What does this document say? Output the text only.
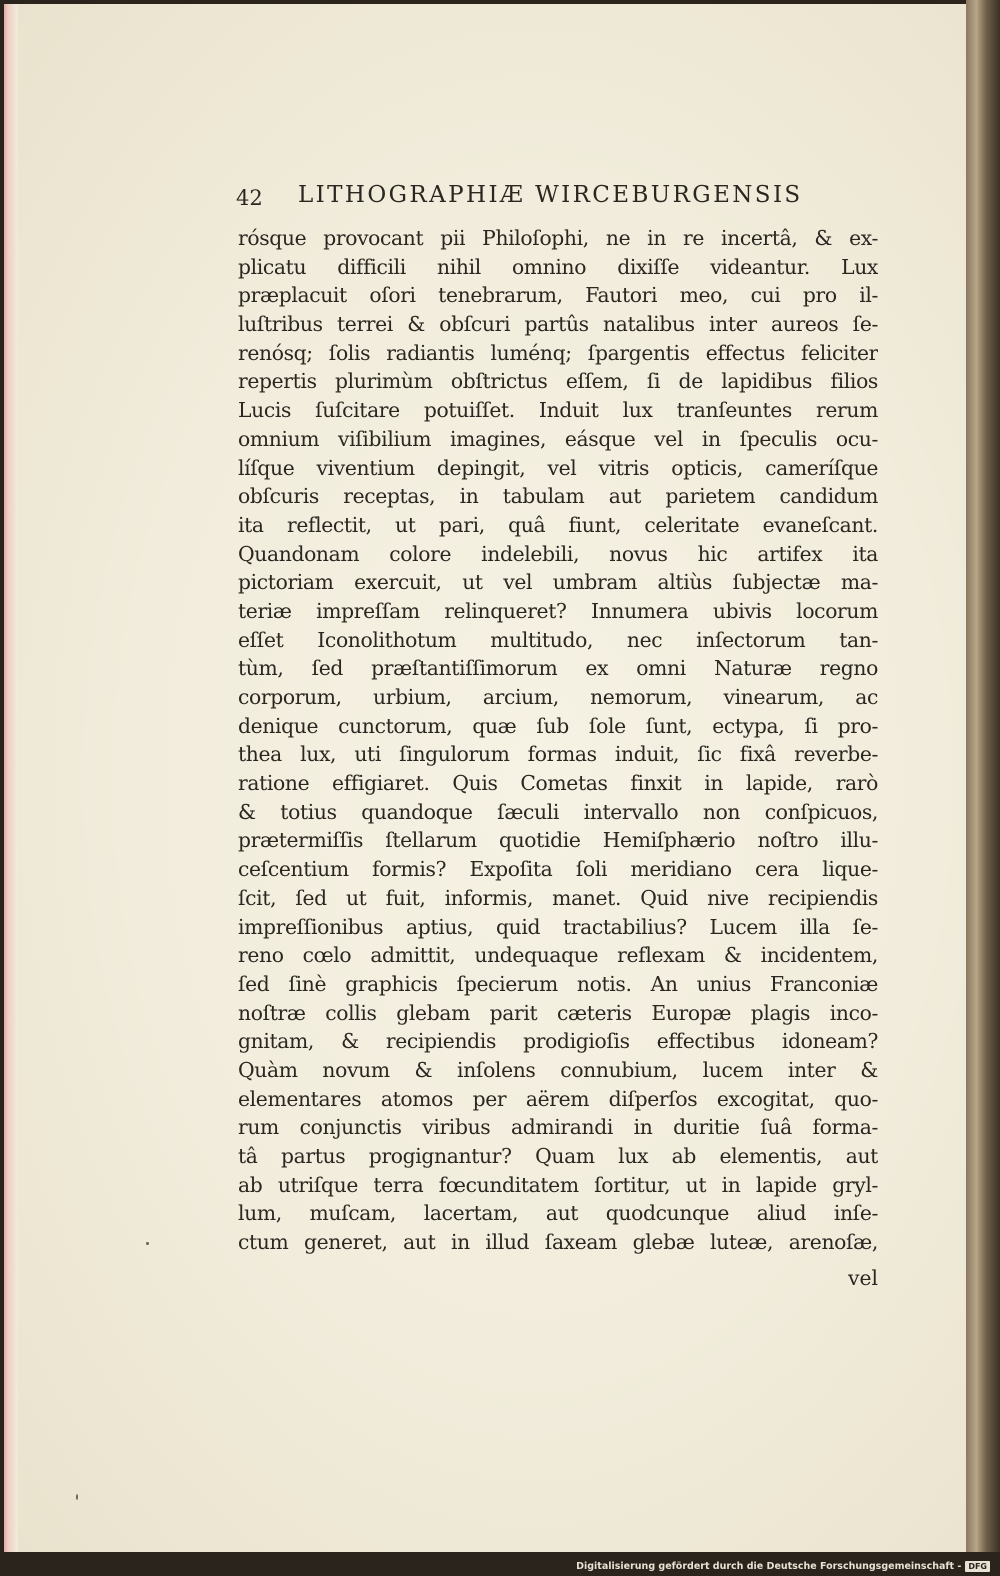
42 LITHOGRAPHIÆ WIRCEBURGENSIS
rósque provocant pii Philoſophi, ne in re incertâ, & ex-
plicatu difficili nihil omnino dixiſſe videantur. Lux
præplacuit oſori tenebrarum, Fautori meo, cui pro il-
luſtribus terrei & obſcuri partûs natalibus inter aureos ſe-
renósq; ſolis radiantis luménq; ſpargentis effectus feliciter
repertis plurimùm obſtrictus eſſem, ſi de lapidibus filios
Lucis ſuſcitare potuiſſet. Induit lux tranſeuntes rerum
omnium viſibilium imagines, eásque vel in ſpeculis ocu-
líſque viventium depingit, vel vitris opticis, cameríſque
obſcuris receptas, in tabulam aut parietem candidum
ita reflectit, ut pari, quâ fiunt, celeritate evaneſcant.
Quandonam colore indelebili, novus hic artifex ita
pictoriam exercuit, ut vel umbram altiùs ſubjectæ ma-
teriæ impreſſam relinqueret? Innumera ubivis locorum
eſſet Iconolithotum multitudo, nec inſectorum tan-
tùm, ſed præſtantiſſimorum ex omni Naturæ regno
corporum, urbium, arcium, nemorum, vinearum, ac
denique cunctorum, quæ ſub ſole ſunt, ectypa, ſi pro-
thea lux, uti ſingulorum formas induit, ſic fixâ reverbe-
ratione effigiaret. Quis Cometas finxit in lapide, rarò
& totius quandoque ſæculi intervallo non conſpicuos,
prætermiſſis ſtellarum quotidie Hemiſphærio noſtro illu-
ceſcentium formis? Expoſita ſoli meridiano cera lique-
ſcit, ſed ut fuit, informis, manet. Quid nive recipiendis
impreſſionibus aptius, quid tractabilius? Lucem illa ſe-
reno cœlo admittit, undequaque reflexam & incidentem,
ſed ſinè graphicis ſpecierum notis. An unius Franconiæ
noſtræ collis glebam parit cæteris Europæ plagis inco-
gnitam, & recipiendis prodigioſis effectibus idoneam?
Quàm novum & inſolens connubium, lucem inter &
elementares atomos per aërem diſperſos excogitat, quo-
rum conjunctis viribus admirandi in duritie ſuâ forma-
tâ partus progignantur? Quam lux ab elementis, aut
ab utriſque terra fœcunditatem ſortitur, ut in lapide gryl-
lum, muſcam, lacertam, aut quodcunque aliud inſe-
ctum generet, aut in illud ſaxeam glebæ luteæ, arenoſæ,
vel
Digitalisierung gefördert durch die Deutsche Forschungsgemeinschaft - DFG
